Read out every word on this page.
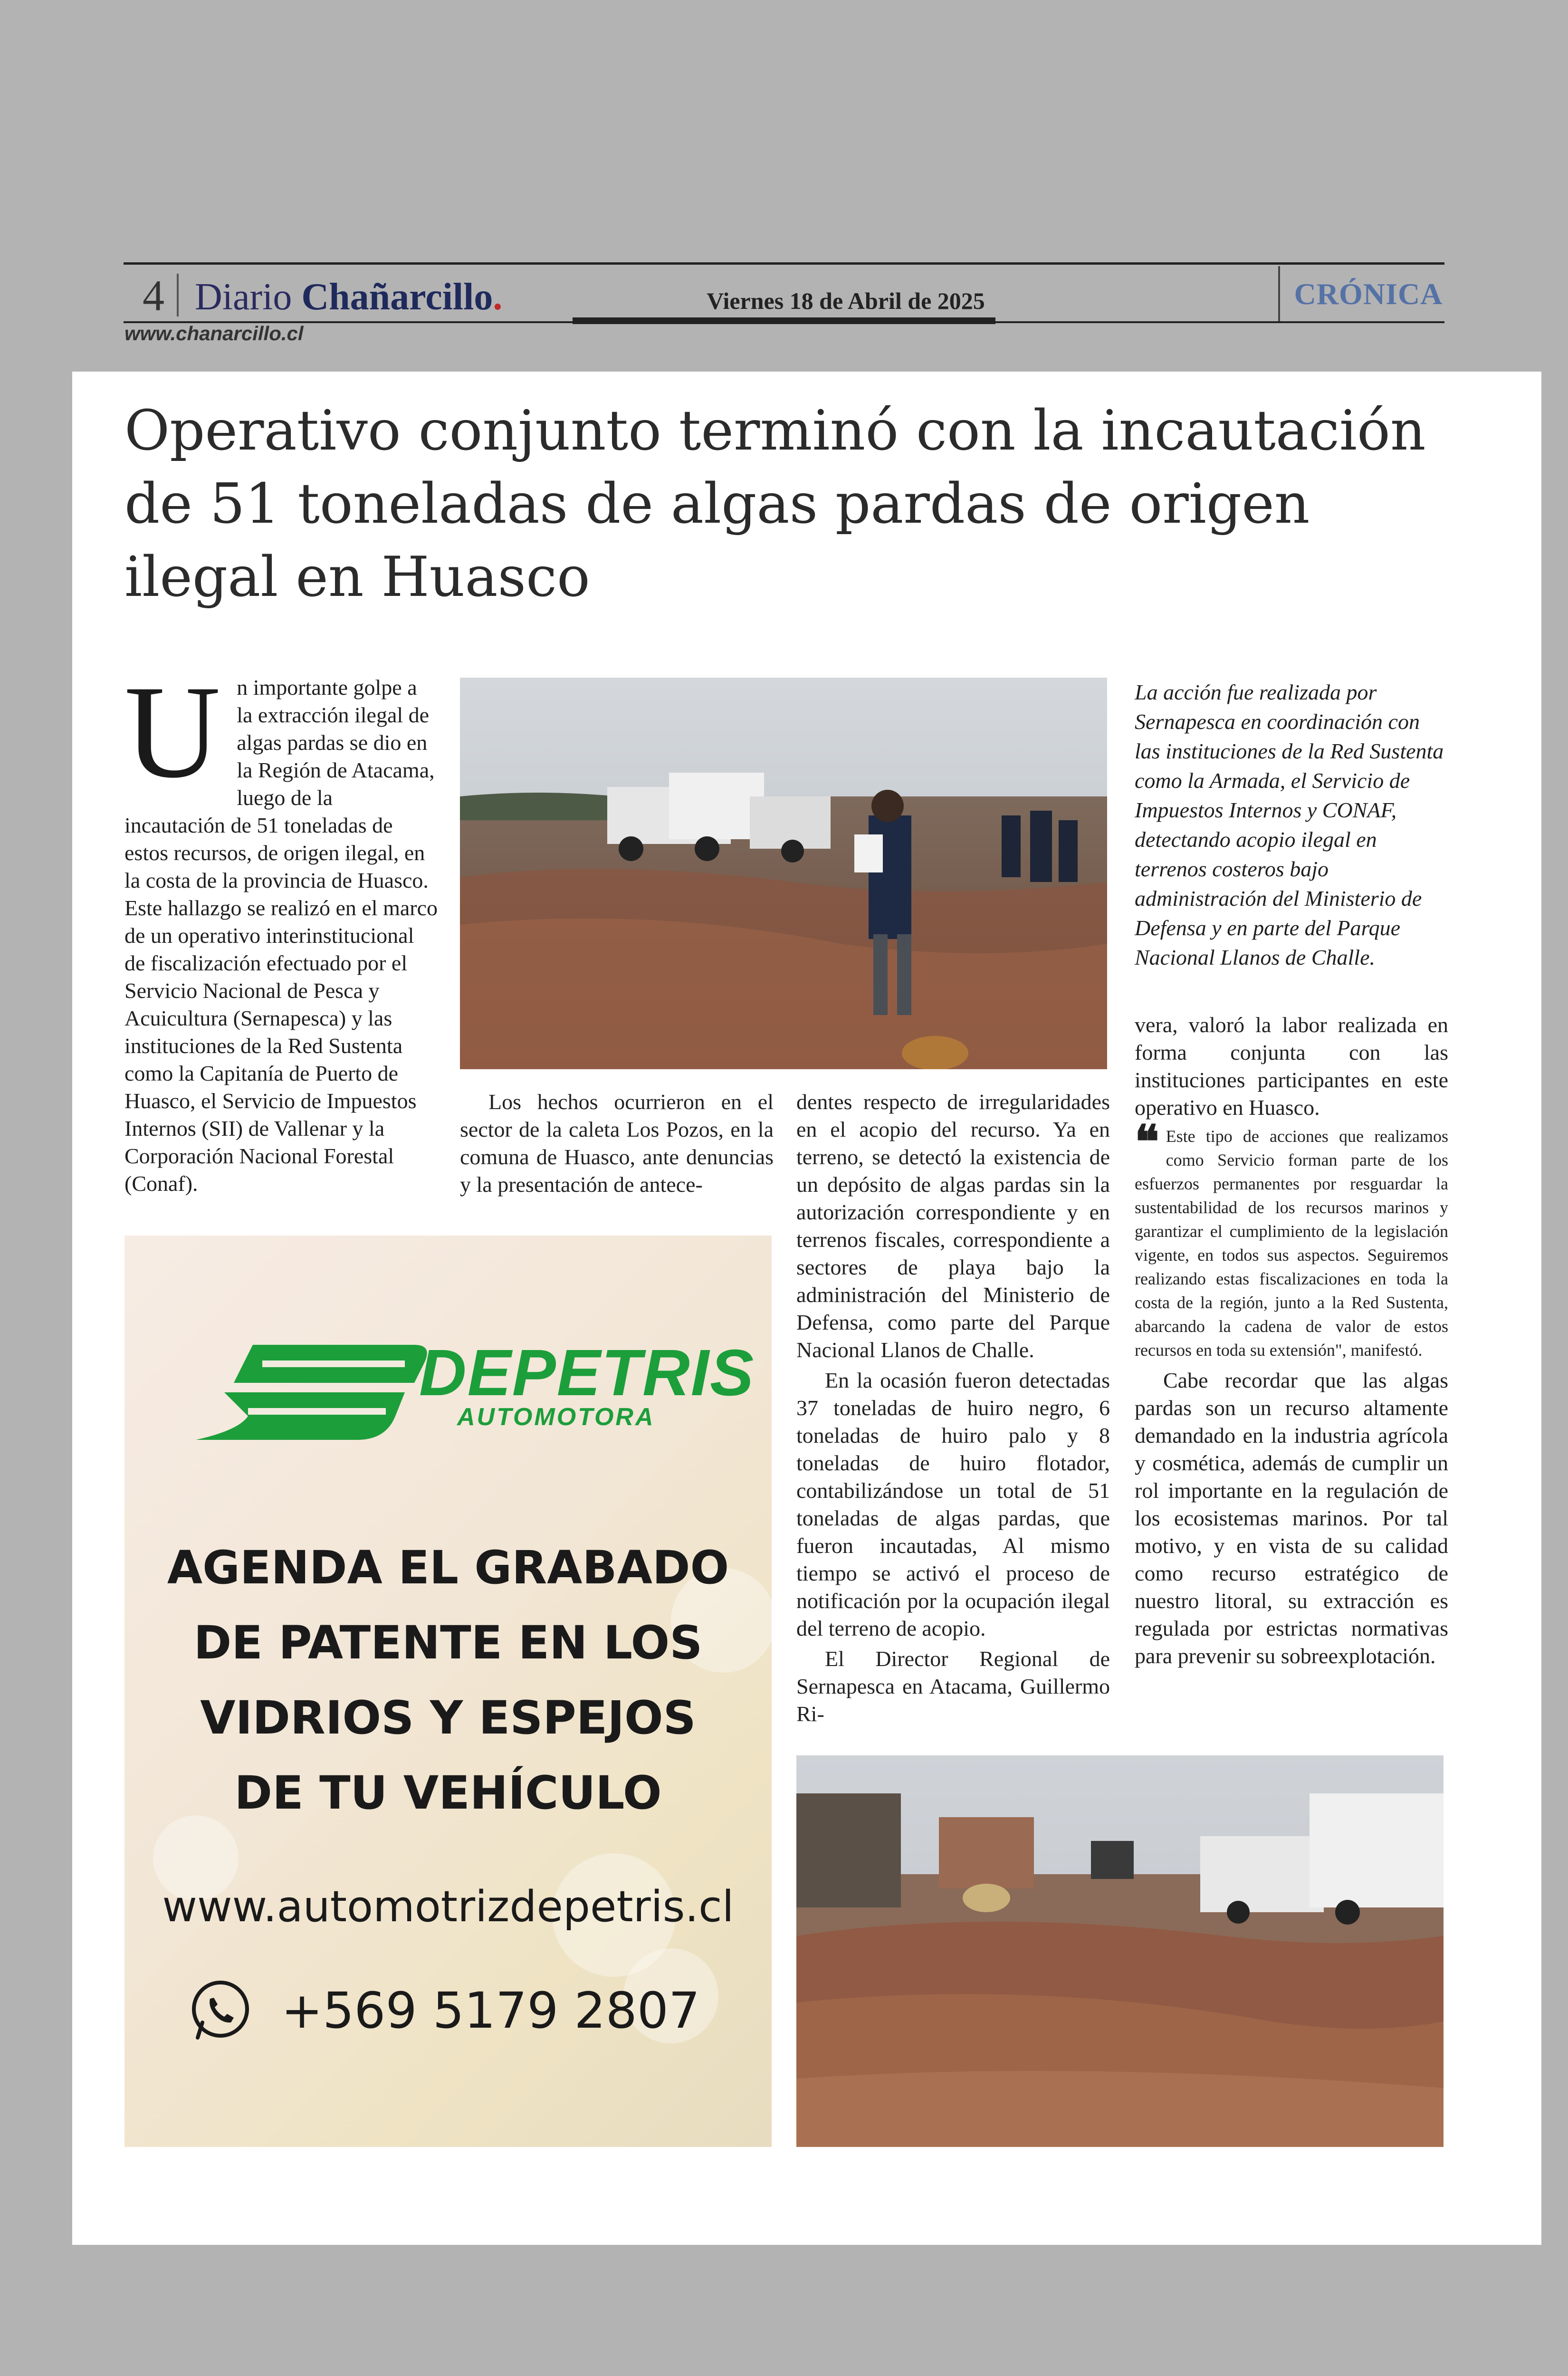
4 Diario Chañarcillo.	Viernes 18 de Abril de 2025	CRÓNICA
www.chanarcillo.cl
Operativo conjunto terminó con la incautación de 51 toneladas de algas pardas de origen ilegal en Huasco
U n importante golpe a la extracción ilegal de algas pardas se dio en la Región de Atacama, luego de la incautación de 51 toneladas de estos recursos, de origen ilegal, en la costa de la provincia de Huasco. Este hallazgo se realizó en el marco de un operativo interinstitucional de fiscalización efectuado por el Servicio Nacional de Pesca y Acuicultura (Sernapesca) y las instituciones de la Red Sustenta como la Capitanía de Puerto de Huasco, el Servicio de Impuestos Internos (SII) de Vallenar y la Corporación Nacional Forestal (Conaf).

Los hechos ocurrieron en el sector de la caleta Los Pozos, en la comuna de Huasco, ante denuncias y la presentación de antece-

dentes respecto de irregularidades en el acopio del recurso. Ya en terreno, se detectó la existencia de un depósito de algas pardas sin la autorización correspondiente y en terrenos fiscales, correspondiente a sectores de playa bajo la administración del Ministerio de Defensa, como parte del Parque Nacional Llanos de Challe.

En la ocasión fueron detectadas 37 toneladas de huiro negro, 6 toneladas de huiro palo y 8 toneladas de huiro flotador, contabilizándose un total de 51 toneladas de algas pardas, que fueron incautadas, Al mismo tiempo se activó el proceso de notificación por la ocupación ilegal del terreno de acopio.

El Director Regional de Sernapesca en Atacama, Guillermo Ri-

La acción fue realizada por Sernapesca en coordinación con las instituciones de la Red Sustenta como la Armada, el Servicio de Impuestos Internos y CONAF, detectando acopio ilegal en terrenos costeros bajo administración del Ministerio de Defensa y en parte del Parque Nacional Llanos de Challe.

vera, valoró la labor realizada en forma conjunta con las instituciones participantes en este operativo en Huasco.

❝ Este tipo de acciones que realizamos como Servicio forman parte de los esfuerzos permanentes por resguardar la sustentabilidad de los recursos marinos y garantizar el cumplimiento de la legislación vigente, en todos sus aspectos. Seguiremos realizando estas fiscalizaciones en toda la costa de la región, junto a la Red Sustenta, abarcando la cadena de valor de estos recursos en toda su extensión", manifestó.

Cabe recordar que las algas pardas son un recurso altamente demandado en la industria agrícola y cosmética, además de cumplir un rol importante en la regulación de los ecosistemas marinos. Por tal motivo, y en vista de su calidad como recurso estratégico de nuestro litoral, su extracción es regulada por estrictas normativas para prevenir su sobreexplotación.

DEPETRIS
AUTOMOTORA
AGENDA EL GRABADO
DE PATENTE EN LOS
VIDRIOS Y ESPEJOS
DE TU VEHÍCULO
www.automotrizdepetris.cl
+569 5179 2807
